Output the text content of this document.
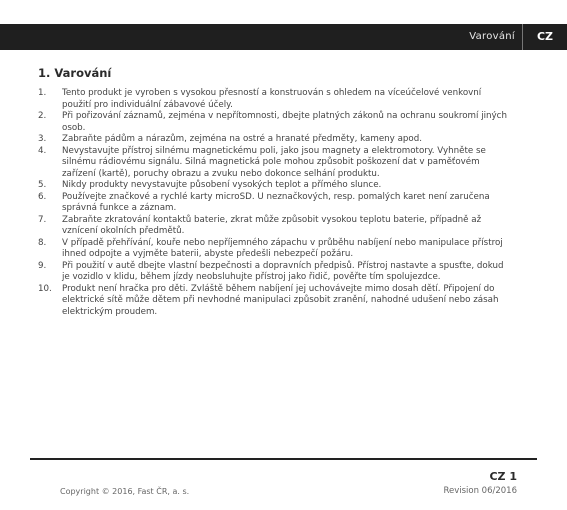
Varování	CZ
1. Varování
1.	Tento produkt je vyroben s vysokou přesností a konstruován s ohledem na víceúčelové venkovní použití pro individuální zábavové účely.
2.	Při pořizování záznamů, zejména v nepřítomnosti, dbejte platných zákonů na ochranu soukromí jiných osob.
3.	Zabraňte pádům a nárazům, zejména na ostré a hranaté předměty, kameny apod.
4.	Nevystavujte přístroj silnému magnetickému poli, jako jsou magnety a elektromotory. Vyhněte se silnému rádiovému signálu. Silná magnetická pole mohou způsobit poškození dat v paměťovém zařízení (kartě), poruchy obrazu a zvuku nebo dokonce selhání produktu.
5.	Nikdy produkty nevystavujte působení vysokých teplot a přímého slunce.
6.	Používejte značkové a rychlé karty microSD. U neznačkových, resp. pomalých karet není zaručena správná funkce a záznam.
7.	Zabraňte zkratování kontaktů baterie, zkrat může způsobit vysokou teplotu baterie, případně až vznícení okolních předmětů.
8.	V případě přehřívání, kouře nebo nepříjemného zápachu v průběhu nabíjení nebo manipulace přístroj ihned odpojte a vyjměte baterii, abyste předešli nebezpečí požáru.
9.	Při použití v autě dbejte vlastní bezpečnosti a dopravních předpisů. Přístroj nastavte a spusťte, dokud je vozidlo v klidu, během jízdy neobsluhujte přístroj jako řidič, pověřte tím spolujezdce.
10.	Produkt není hračka pro děti. Zvláště během nabíjení jej uchovávejte mimo dosah dětí. Připojení do elektrické sítě může dětem při nevhodné manipulaci způsobit zranění, nahodné udušení nebo zásah elektrickým proudem.
CZ 1
Copyright © 2016, Fast ČR, a. s.	Revision 06/2016
